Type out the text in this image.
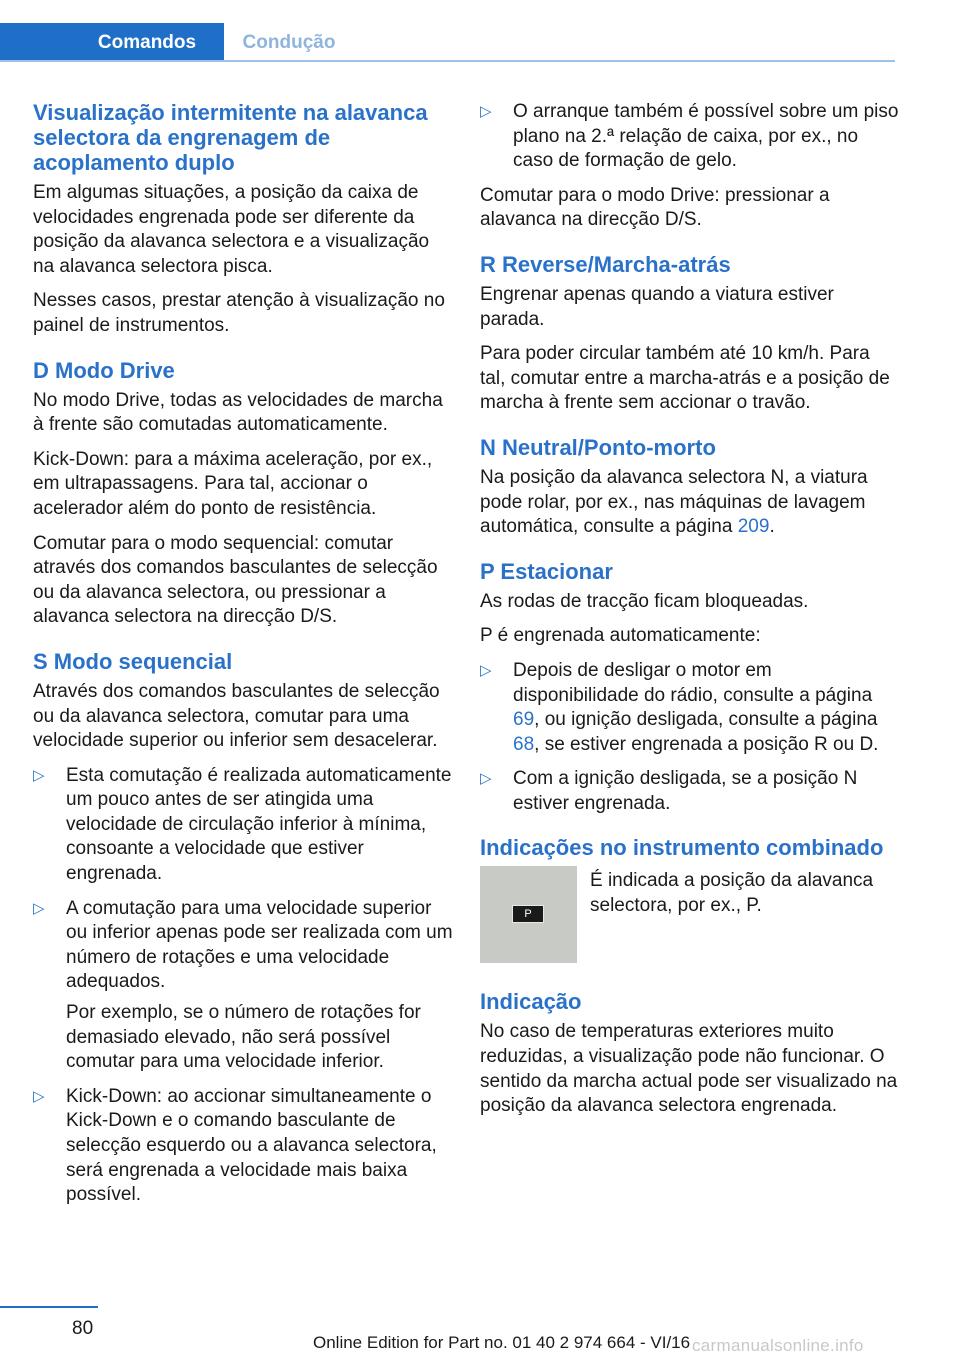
Comandos	Condução
Visualização intermitente na alavanca selectora da engrenagem de acoplamento duplo

Em algumas situações, a posição da caixa de velocidades engrenada pode ser diferente da posição da alavanca selectora e a visualização na alavanca selectora pisca.

Nesses casos, prestar atenção à visualização no painel de instrumentos.

D Modo Drive

No modo Drive, todas as velocidades de marcha à frente são comutadas automaticamente.

Kick-Down: para a máxima aceleração, por ex., em ultrapassagens. Para tal, accionar o acelerador além do ponto de resistência.

Comutar para o modo sequencial: comutar através dos comandos basculantes de selecção ou da alavanca selectora, ou pressionar a alavanca selectora na direcção D/S.

S Modo sequencial

Através dos comandos basculantes de selecção ou da alavanca selectora, comutar para uma velocidade superior ou inferior sem desacelerar.

▷ Esta comutação é realizada automaticamente um pouco antes de ser atingida uma velocidade de circulação inferior à mínima, consoante a velocidade que estiver engrenada.
▷ A comutação para uma velocidade superior ou inferior apenas pode ser realizada com um número de rotações e uma velocidade adequados.

Por exemplo, se o número de rotações for demasiado elevado, não será possível comutar para uma velocidade inferior.

▷ Kick-Down: ao accionar simultaneamente o Kick-Down e o comando basculante de selecção esquerdo ou a alavanca selectora, será engrenada a velocidade mais baixa possível.
▷ O arranque também é possível sobre um piso plano na 2.ª relação de caixa, por ex., no caso de formação de gelo.

Comutar para o modo Drive: pressionar a alavanca na direcção D/S.

R Reverse/Marcha-atrás

Engrenar apenas quando a viatura estiver parada.

Para poder circular também até 10 km/h. Para tal, comutar entre a marcha-atrás e a posição de marcha à frente sem accionar o travão.

N Neutral/Ponto-morto

Na posição da alavanca selectora N, a viatura pode rolar, por ex., nas máquinas de lavagem automática, consulte a página 209.

P Estacionar

As rodas de tracção ficam bloqueadas.

P é engrenada automaticamente:

▷ Depois de desligar o motor em disponibilidade do rádio, consulte a página 69, ou ignição desligada, consulte a página 68, se estiver engrenada a posição R ou D.
▷ Com a ignição desligada, se a posição N estiver engrenada.
Indicações no instrumento combinado
P

É indicada a posição da alavanca selectora, por ex., P.

Indicação

No caso de temperaturas exteriores muito reduzidas, a visualização pode não funcionar. O sentido da marcha actual pode ser visualizado na posição da alavanca selectora engrenada.

80
Online Edition for Part no. 01 40 2 974 664 - VI/16 carmanualsonline.info
